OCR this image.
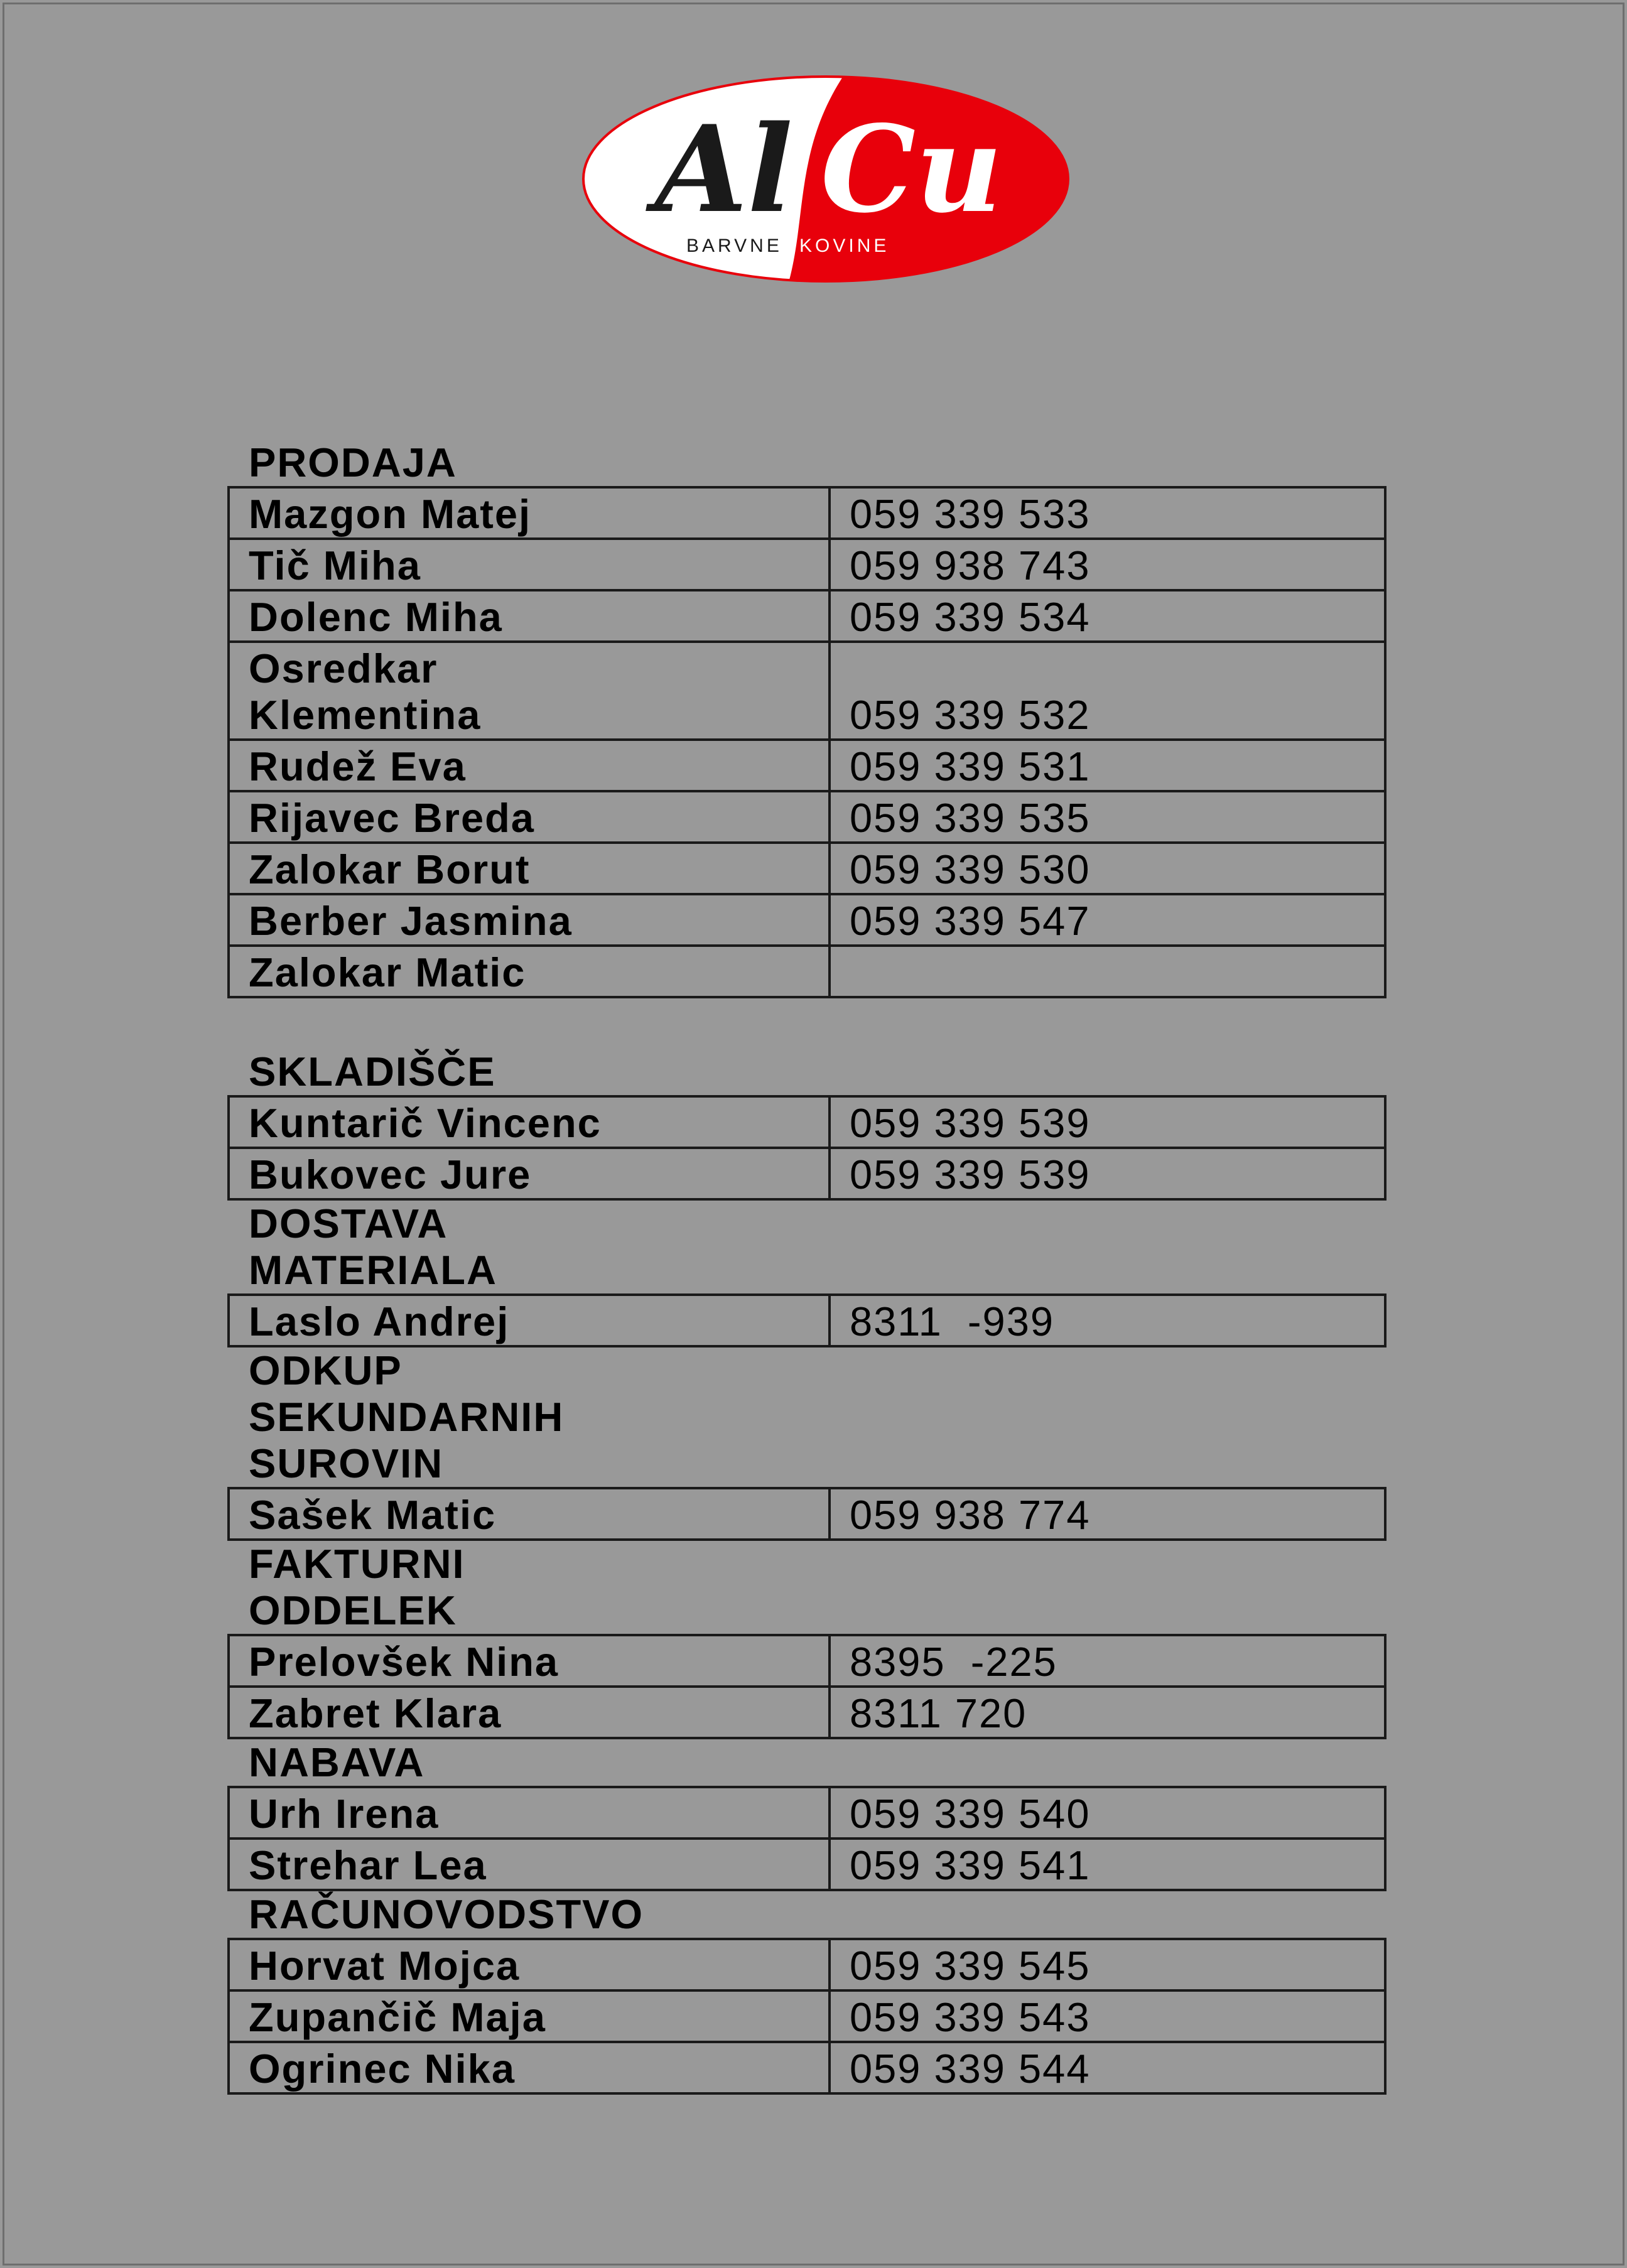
Al Cu
BARVNE KOVINE
PRODAJA
Mazgon Matej	059 339 533
Tič Miha	059 938 743
Dolenc Miha	059 339 534
Osredkar
Klementina	059 339 532
Rudež Eva	059 339 531
Rijavec Breda	059 339 535
Zalokar Borut	059 339 530
Berber Jasmina	059 339 547
Zalokar Matic	
SKLADIŠČE
Kuntarič Vincenc	059 339 539
Bukovec Jure	059 339 539
DOSTAVA
MATERIALA
Laslo Andrej	8311  -939
ODKUP
SEKUNDARNIH
SUROVIN
Sašek Matic	059 938 774
FAKTURNI
ODDELEK
Prelovšek Nina	8395  -225
Zabret Klara	8311 720
NABAVA
Urh Irena	059 339 540
Strehar Lea	059 339 541
RAČUNOVODSTVO
Horvat Mojca	059 339 545
Zupančič Maja	059 339 543
Ogrinec Nika	059 339 544
